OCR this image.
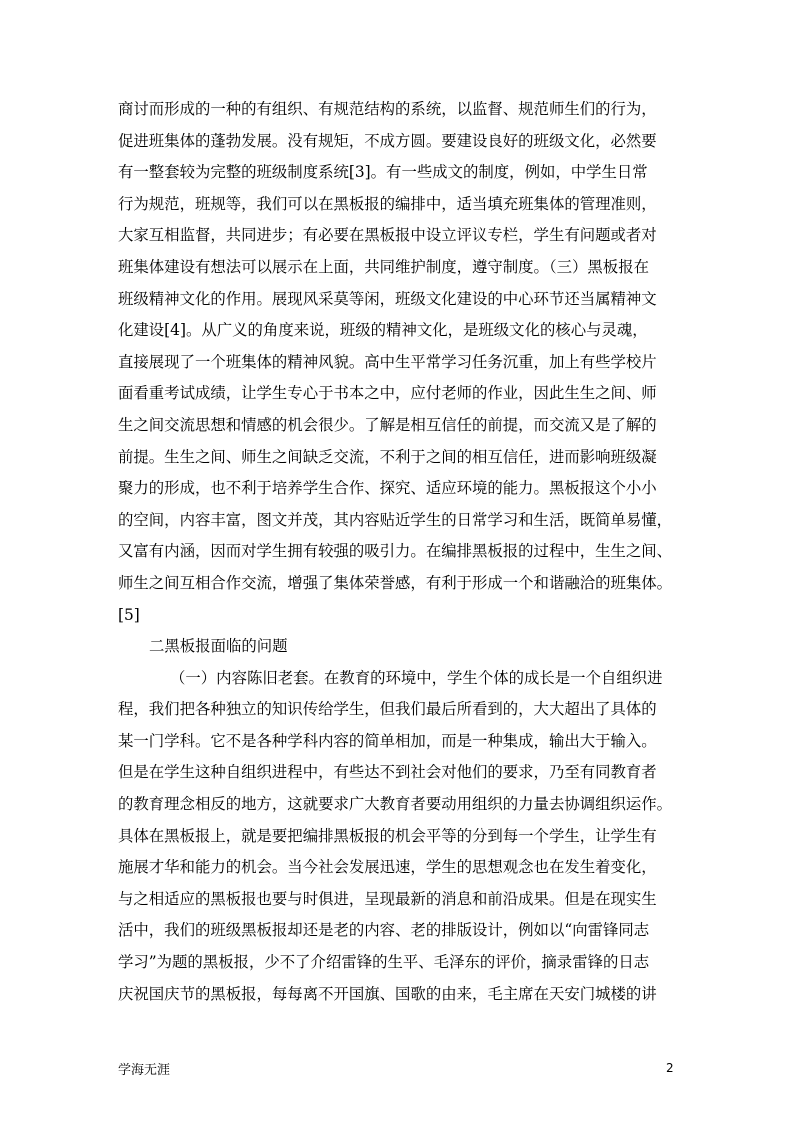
商讨而形成的一种的有组织、有规范结构的系统，以监督、规范师生们的行为，
促进班集体的蓬勃发展。没有规矩，不成方圆。要建设良好的班级文化，必然要
有一整套较为完整的班级制度系统[3]。有一些成文的制度，例如，中学生日常
行为规范，班规等，我们可以在黑板报的编排中，适当填充班集体的管理准则，
大家互相监督，共同进步；有必要在黑板报中设立评议专栏，学生有问题或者对
班集体建设有想法可以展示在上面，共同维护制度，遵守制度。（三）黑板报在
班级精神文化的作用。展现风采莫等闲，班级文化建设的中心环节还当属精神文
化建设[4]。从广义的角度来说，班级的精神文化，是班级文化的核心与灵魂，
直接展现了一个班集体的精神风貌。高中生平常学习任务沉重，加上有些学校片
面看重考试成绩，让学生专心于书本之中，应付老师的作业，因此生生之间、师
生之间交流思想和情感的机会很少。了解是相互信任的前提，而交流又是了解的
前提。生生之间、师生之间缺乏交流，不利于之间的相互信任，进而影响班级凝
聚力的形成，也不利于培养学生合作、探究、适应环境的能力。黑板报这个小小
的空间，内容丰富，图文并茂，其内容贴近学生的日常学习和生活，既简单易懂，
又富有内涵，因而对学生拥有较强的吸引力。在编排黑板报的过程中，生生之间、
师生之间互相合作交流，增强了集体荣誉感，有利于形成一个和谐融洽的班集体。
[5]
二黑板报面临的问题
（一）内容陈旧老套。在教育的环境中，学生个体的成长是一个自组织进
程，我们把各种独立的知识传给学生，但我们最后所看到的，大大超出了具体的
某一门学科。它不是各种学科内容的简单相加，而是一种集成，输出大于输入。
但是在学生这种自组织进程中，有些达不到社会对他们的要求，乃至有同教育者
的教育理念相反的地方，这就要求广大教育者要动用组织的力量去协调组织运作。
具体在黑板报上，就是要把编排黑板报的机会平等的分到每一个学生，让学生有
施展才华和能力的机会。当今社会发展迅速，学生的思想观念也在发生着变化，
与之相适应的黑板报也要与时俱进，呈现最新的消息和前沿成果。但是在现实生
活中，我们的班级黑板报却还是老的内容、老的排版设计，例如以“向雷锋同志
学习”为题的黑板报，少不了介绍雷锋的生平、毛泽东的评价，摘录雷锋的日志
庆祝国庆节的黑板报，每每离不开国旗、国歌的由来，毛主席在天安门城楼的讲
学海无涯	2
